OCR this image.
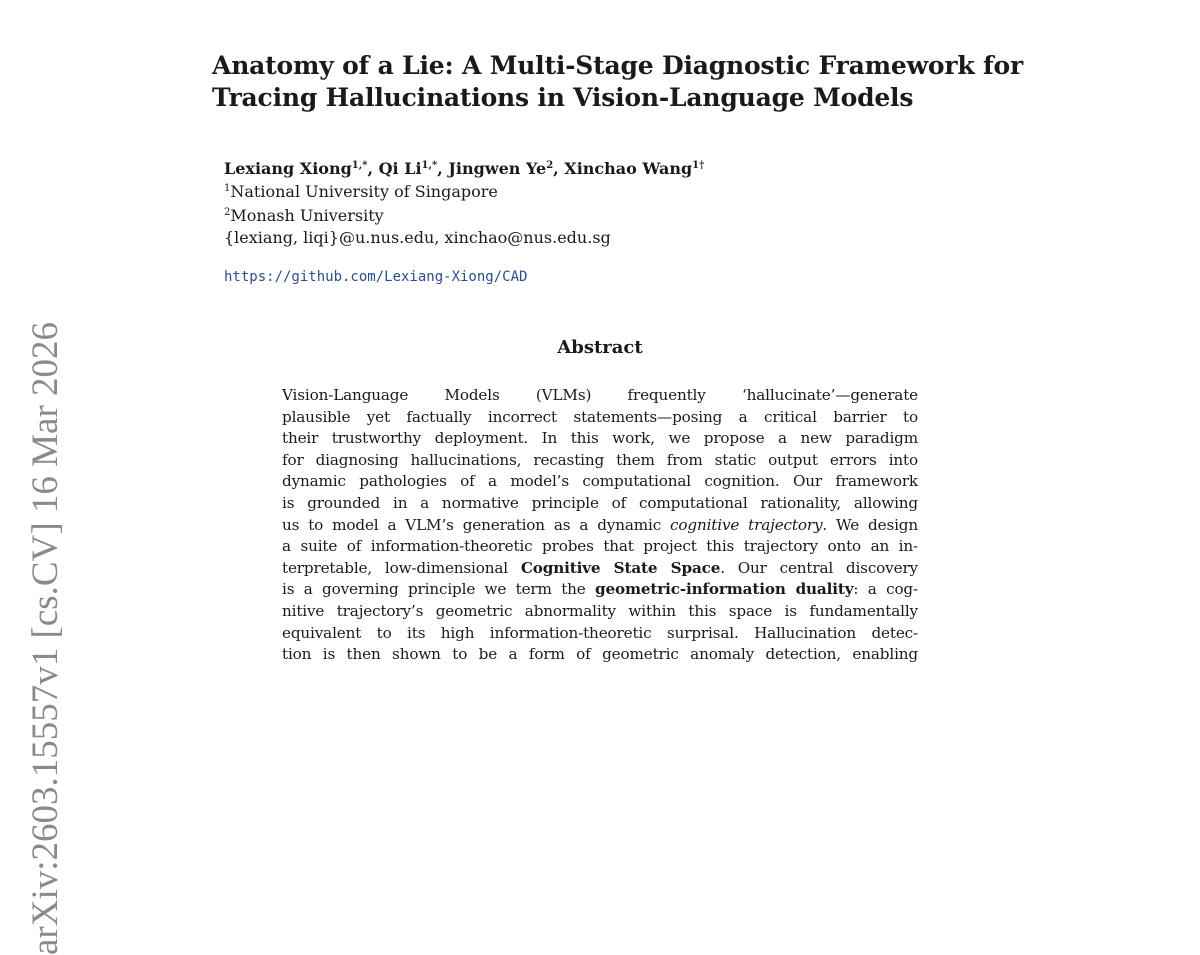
Anatomy of a Lie: A Multi-Stage Diagnostic Framework for
Tracing Hallucinations in Vision-Language Models
Lexiang Xiong$^{1,*}$, Qi $Li^{1,*}$, Jingwen Ye$^2$, Xinchao Wang$^{1\dagger}$
$^1$National University of Singapore
$^2$Monash University
{lexiang, liqi}@u.nus.edu, xinchao@nus.edu.sg
https://github.com/Lexiang-Xiong/CAD
Abstract
Vision-Language Models (VLMs) frequently ‘hallucinate’—generate
plausible yet factually incorrect statements—posing a critical barrier to
their trustworthy deployment. In this work, we propose a new paradigm
for diagnosing hallucinations, recasting them from static output errors into
dynamic pathologies of a model’s computational cognition. Our framework
is grounded in a normative principle of computational rationality, allowing
us to model a VLM’s generation as a dynamic cognitive trajectory. We design
a suite of information-theoretic probes that project this trajectory onto an in-
terpretable, low-dimensional Cognitive State Space. Our central discovery
is a governing principle we term the geometric-information duality: a cog-
nitive trajectory’s geometric abnormality within this space is fundamentally
equivalent to its high information-theoretic surprisal. Hallucination detec-
tion is then shown to be a form of geometric anomaly detection, enabling
arXiv:2603.15557v1 [cs.CV] 16 Mar 2026
